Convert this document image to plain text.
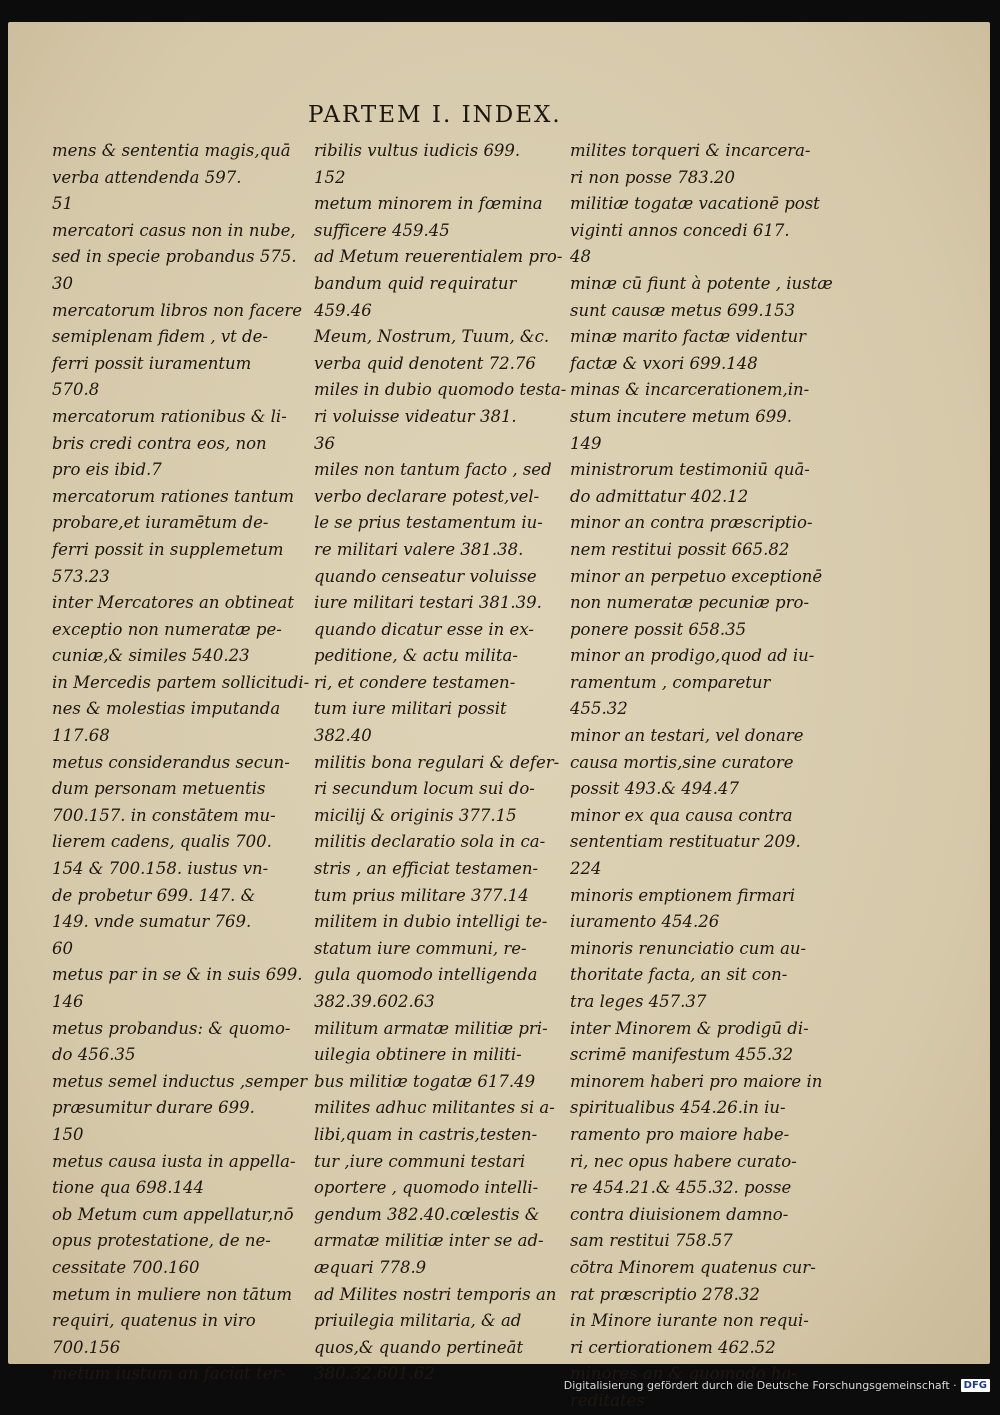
PARTEM I. INDEX.
mens & sententia magis,quā
verba attendenda 597.
51
mercatori casus non in nube,
sed in specie probandus 575.
30
mercatorum libros non facere
semiplenam fidem , vt de-
ferri possit iuramentum
570.8
mercatorum rationibus & li-
bris credi contra eos, non
pro eis ibid.7
mercatorum rationes tantum
probare,et iuramētum de-
ferri possit in supplemetum
573.23
inter Mercatores an obtineat
exceptio non numeratæ pe-
cuniæ,& similes 540.23
in Mercedis partem sollicitudi-
nes & molestias imputanda
117.68
metus considerandus secun-
dum personam metuentis
700.157. in constātem mu-
lierem cadens, qualis 700.
154 & 700.158. iustus vn-
de probetur 699. 147. &
149. vnde sumatur 769.
60
metus par in se & in suis 699.
146
metus probandus: & quomo-
do 456.35
metus semel inductus ,semper
præsumitur durare 699.
150
metus causa iusta in appella-
tione qua 698.144
ob Metum cum appellatur,nō
opus protestatione, de ne-
cessitate 700.160
metum in muliere non tātum
requiri, quatenus in viro
700.156
metum iustum an faciat ter-
ribilis vultus iudicis 699.
152
metum minorem in fœmina
sufficere 459.45
ad Metum reuerentialem pro-
bandum quid requiratur
459.46
Meum, Nostrum, Tuum, &c.
verba quid denotent 72.76
miles in dubio quomodo testa-
ri voluisse videatur 381.
36
miles non tantum facto , sed
verbo declarare potest,vel-
le se prius testamentum iu-
re militari valere 381.38.
quando censeatur voluisse
iure militari testari 381.39.
quando dicatur esse in ex-
peditione, & actu milita-
ri, et condere testamen-
tum iure militari possit
382.40
militis bona regulari & defer-
ri secundum locum sui do-
micilij & originis 377.15
militis declaratio sola in ca-
stris , an efficiat testamen-
tum prius militare 377.14
militem in dubio intelligi te-
statum iure communi, re-
gula quomodo intelligenda
382.39.602.63
militum armatæ militiæ pri-
uilegia obtinere in militi-
bus militiæ togatæ 617.49
milites adhuc militantes si a-
libi,quam in castris,testen-
tur ,iure communi testari
oportere , quomodo intelli-
gendum 382.40.cœlestis &
armatæ militiæ inter se ad-
æquari 778.9
ad Milites nostri temporis an
priuilegia militaria, & ad
quos,& quando pertineāt
380.32.601.62
milites torqueri & incarcera-
ri non posse 783.20
militiæ togatæ vacationē post
viginti annos concedi 617.
48
minæ cū fiunt à potente , iustæ
sunt causæ metus 699.153
minæ marito factæ videntur
factæ & vxori 699.148
minas & incarcerationem,in-
stum incutere metum 699.
149
ministrorum testimoniū quā-
do admittatur 402.12
minor an contra præscriptio-
nem restitui possit 665.82
minor an perpetuo exceptionē
non numeratæ pecuniæ pro-
ponere possit 658.35
minor an prodigo,quod ad iu-
ramentum , comparetur
455.32
minor an testari, vel donare
causa mortis,sine curatore
possit 493.& 494.47
minor ex qua causa contra
sententiam restituatur 209.
224
minoris emptionem firmari
iuramento 454.26
minoris renunciatio cum au-
thoritate facta, an sit con-
tra leges 457.37
inter Minorem & prodigū di-
scrimē manifestum 455.32
minorem haberi pro maiore in
spiritualibus 454.26.in iu-
ramento pro maiore habe-
ri, nec opus habere curato-
re 454.21.& 455.32. posse
contra diuisionem damno-
sam restitui 758.57
cōtra Minorem quatenus cur-
rat præscriptio 278.32
in Minore iurante non requi-
ri certiorationem 462.52
minores an & quomodo ha-
reditates
Digitalisierung gefördert durch die Deutsche Forschungsgemeinschaft · DFG
